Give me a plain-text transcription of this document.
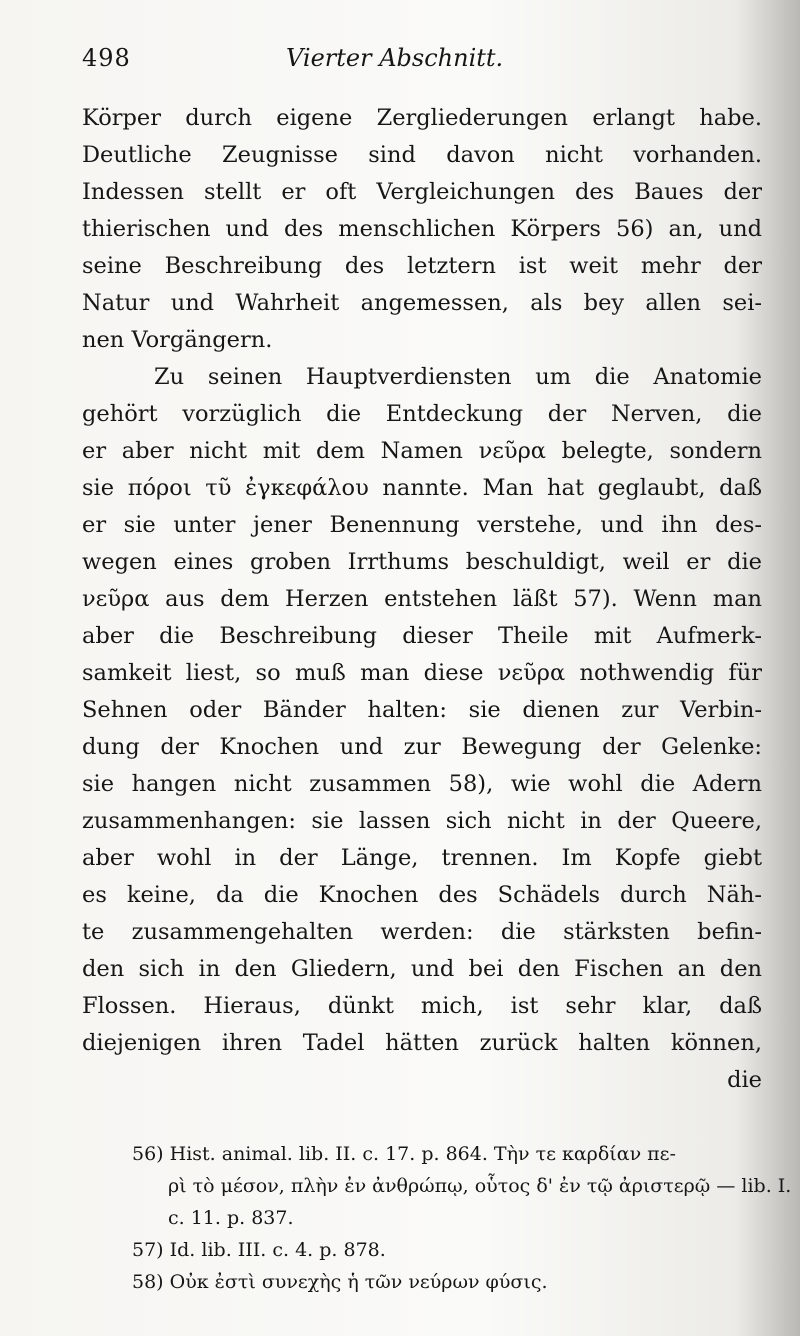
498	Vierter Abschnitt.
Körper durch eigene Zergliederungen erlangt habe.
Deutliche Zeugnisse sind davon nicht vorhanden.
Indessen stellt er oft Vergleichungen des Baues der
thierischen und des menschlichen Körpers 56) an, und
seine Beschreibung des letztern ist weit mehr der
Natur und Wahrheit angemessen, als bey allen sei-
nen Vorgängern.
Zu seinen Hauptverdiensten um die Anatomie
gehört vorzüglich die Entdeckung der Nerven, die
er aber nicht mit dem Namen νεῦρα belegte, sondern
sie πόροι τῦ ἐγκεφάλου nannte. Man hat geglaubt, daß
er sie unter jener Benennung verstehe, und ihn des-
wegen eines groben Irrthums beschuldigt, weil er die
νεῦρα aus dem Herzen entstehen läßt 57). Wenn man
aber die Beschreibung dieser Theile mit Aufmerk-
samkeit liest, so muß man diese νεῦρα nothwendig für
Sehnen oder Bänder halten: sie dienen zur Verbin-
dung der Knochen und zur Bewegung der Gelenke:
sie hangen nicht zusammen 58), wie wohl die Adern
zusammenhangen: sie lassen sich nicht in der Queere,
aber wohl in der Länge, trennen. Im Kopfe giebt
es keine, da die Knochen des Schädels durch Näh-
te zusammengehalten werden: die stärksten befin-
den sich in den Gliedern, und bei den Fischen an den
Flossen. Hieraus, dünkt mich, ist sehr klar, daß
diejenigen ihren Tadel hätten zurück halten können,
die
56) Hist. animal. lib. II. c. 17. p. 864. Τὴν τε καρδίαν πε-
ρὶ τὸ μέσον, πλὴν ἐν ἀνθρώπῳ, οὗτος δ' ἐν τῷ ἀριστερῷ — lib. I.
c. 11. p. 837.
57) Id. lib. III. c. 4. p. 878.
58) Οὐκ ἐστὶ συνεχὴς ἡ τῶν νεύρων φύσις.
